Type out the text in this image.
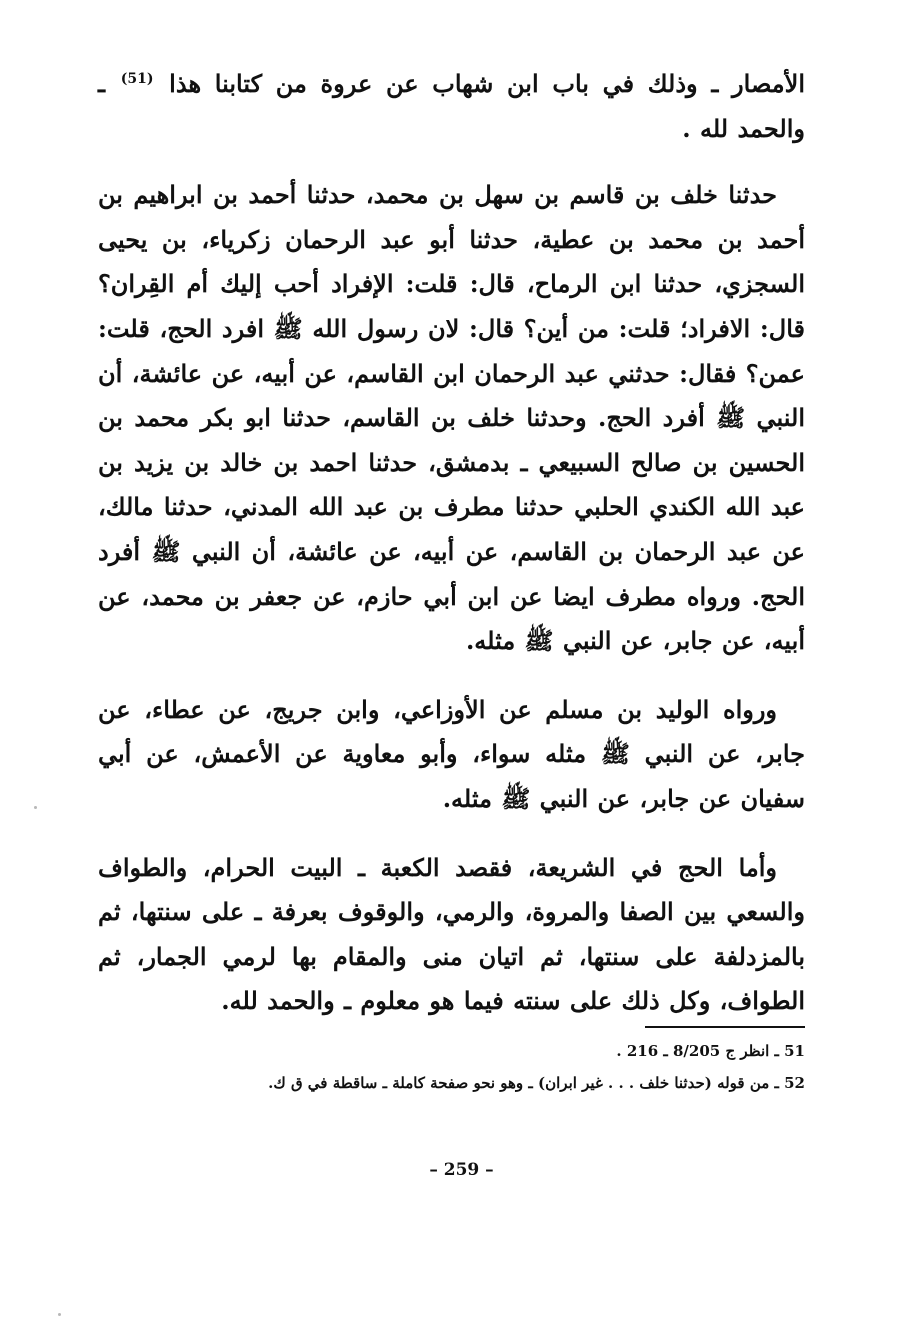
الأمصار ـ وذلك في باب ابن شهاب عن عروة من كتابنا هذا $^{(51)}$ ـ والحمد لله .

حدثنا خلف بن قاسم بن سهل بن محمد، حدثنا أحمد بن ابراهيم بن أحمد بن محمد بن عطية، حدثنا أبو عبد الرحمان زكرياء، بن يحيى السجزي، حدثنا ابن الرماح، قال: قلت: الإفراد أحب إليك أم القِران؟ قال: الافراد؛ قلت: من أين؟ قال: لان رسول الله ﷺ افرد الحج، قلت: عمن؟ فقال: حدثني عبد الرحمان ابن القاسم، عن أبيه، عن عائشة، أن النبي ﷺ أفرد الحج. وحدثنا خلف بن القاسم، حدثنا ابو بكر محمد بن الحسين بن صالح السبيعي ـ بدمشق، حدثنا احمد بن خالد بن يزيد بن عبد الله الكندي الحلبي حدثنا مطرف بن عبد الله المدني، حدثنا مالك، عن عبد الرحمان بن القاسم، عن أبيه، عن عائشة، أن النبي ﷺ أفرد الحج. ورواه مطرف ايضا عن ابن أبي حازم، عن جعفر بن محمد، عن أبيه، عن جابر، عن النبي ﷺ مثله.

ورواه الوليد بن مسلم عن الأوزاعي، وابن جريج، عن عطاء، عن جابر، عن النبي ﷺ مثله سواء، وأبو معاوية عن الأعمش، عن أبي سفيان عن جابر، عن النبي ﷺ مثله.

وأما الحج في الشريعة، فقصد الكعبة ـ البيت الحرام، والطواف والسعي بين الصفا والمروة، والرمي، والوقوف بعرفة ـ على سنتها، ثم بالمزدلفة على سنتها، ثم اتيان منى والمقام بها لرمي الجمار، ثم الطواف، وكل ذلك على سنته فيما هو معلوم ـ والحمد لله.

51 ـ انظر ج 8/205 ـ 216 .

52 ـ من قوله (حدثنا خلف . . . غير ابران) ـ وهو نحو صفحة كاملة ـ ساقطة في ق ك.

– 259 –
